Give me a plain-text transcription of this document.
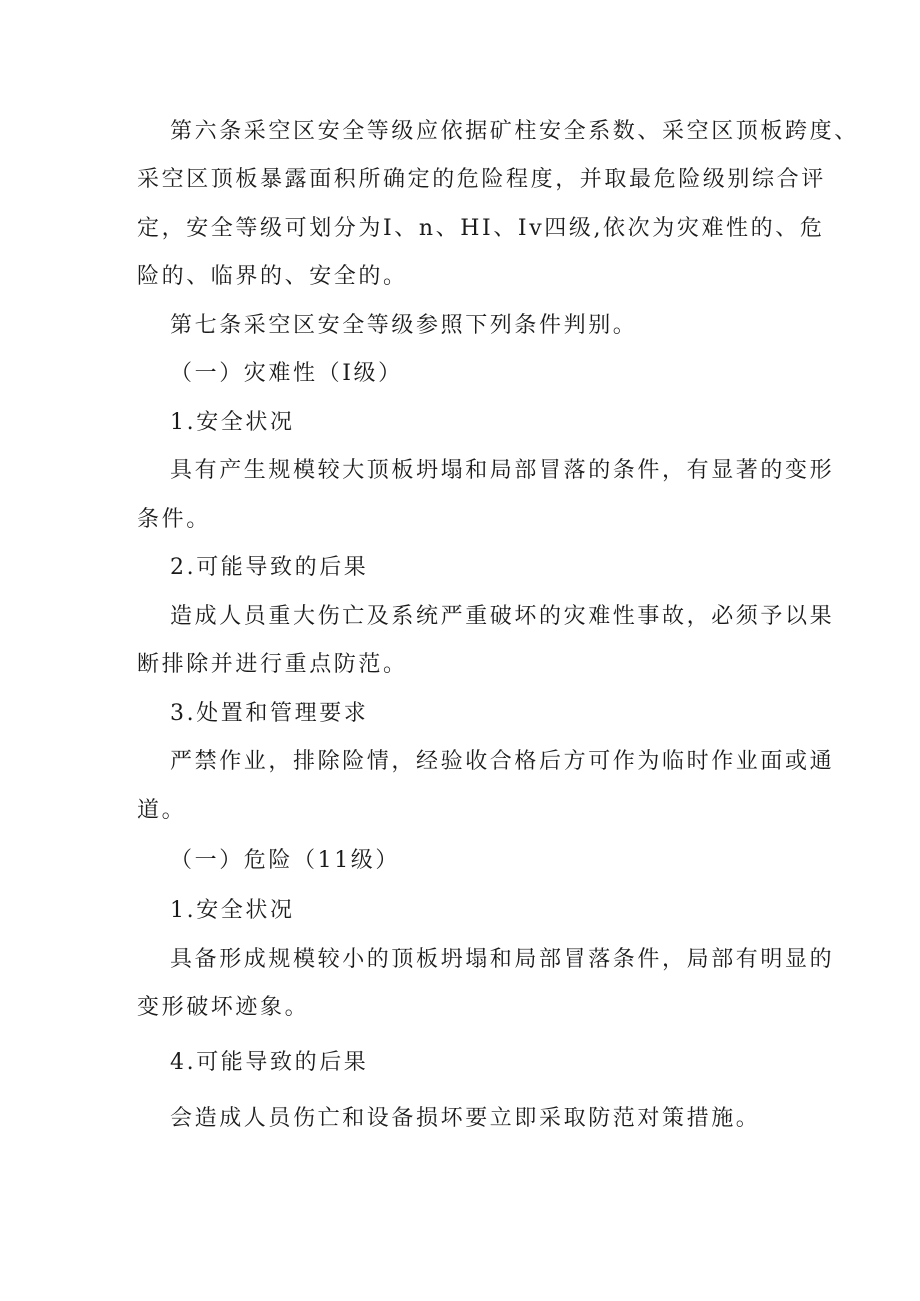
第六条采空区安全等级应依据矿柱安全系数、采空区顶板跨度、
采空区顶板暴露面积所确定的危险程度，并取最危险级别综合评
定，安全等级可划分为I、n、HI、Iv四级,依次为灾难性的、危
险的、临界的、安全的。
第七条采空区安全等级参照下列条件判别。
（一）灾难性（I级）
1.安全状况
具有产生规模较大顶板坍塌和局部冒落的条件，有显著的变形
条件。
2.可能导致的后果
造成人员重大伤亡及系统严重破坏的灾难性事故，必须予以果
断排除并进行重点防范。
3.处置和管理要求
严禁作业，排除险情，经验收合格后方可作为临时作业面或通
道。
（一）危险（11级）
1.安全状况
具备形成规模较小的顶板坍塌和局部冒落条件，局部有明显的
变形破坏迹象。
4.可能导致的后果
会造成人员伤亡和设备损坏要立即采取防范对策措施。
